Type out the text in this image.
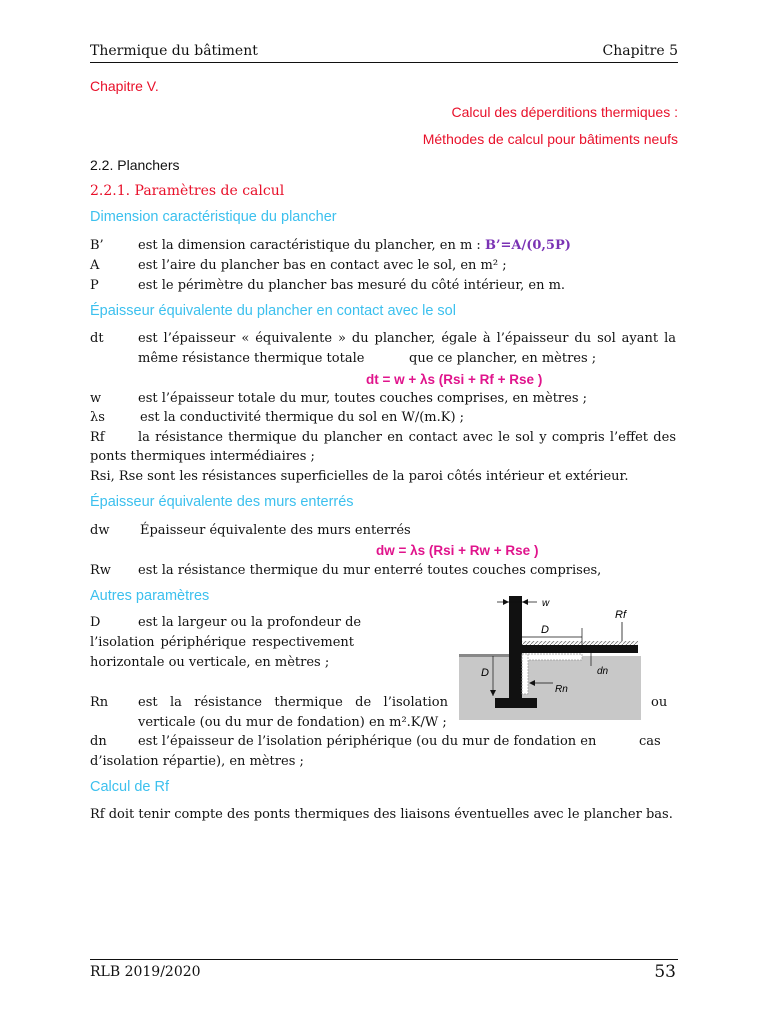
Thermique du bâtiment	Chapitre 5
Chapitre V.
Calcul des déperditions thermiques :
Méthodes de calcul pour bâtiments neufs
2.2. Planchers
2.2.1. Paramètres de calcul
Dimension caractéristique du plancher
B’	est la dimension caractéristique du plancher, en m : B’=A/(0,5P)
A	est l’aire du plancher bas en contact avec le sol, en m² ;
P	est le périmètre du plancher bas mesuré du côté intérieur, en m.
Épaisseur équivalente du plancher en contact avec le sol
dt	est l’épaisseur « équivalente » du plancher, égale à l’épaisseur du sol ayant la
même résistance thermique totale	que ce plancher, en mètres ;
dt = w + λs (Rsi + Rf + Rse )
w	est l’épaisseur totale du mur, toutes couches comprises, en mètres ;
λs	est la conductivité thermique du sol en W/(m.K) ;
Rf	la résistance thermique du plancher en contact avec le sol y compris l’effet des
ponts thermiques intermédiaires ;
Rsi, Rse sont les résistances superficielles de la paroi côtés intérieur et extérieur.
Épaisseur équivalente des murs enterrés
dw Épaisseur équivalente des murs enterrés
dw = λs (Rsi + Rw + Rse )
Rw est la résistance thermique du mur enterré toutes couches comprises,
Autres paramètres
D	est la largeur ou la profondeur de
l’isolation périphérique respectivement
horizontale ou verticale, en mètres ;
Rn est la résistance thermique de l’isolation	ou
verticale (ou du mur de fondation) en m².K/W ;
dn est l’épaisseur de l’isolation périphérique (ou du mur de fondation en	cas
d’isolation répartie), en mètres ;
w
Rf
D
D	dn
Rn
Calcul de Rf
Rf doit tenir compte des ponts thermiques des liaisons éventuelles avec le plancher bas.
RLB 2019/2020	53
